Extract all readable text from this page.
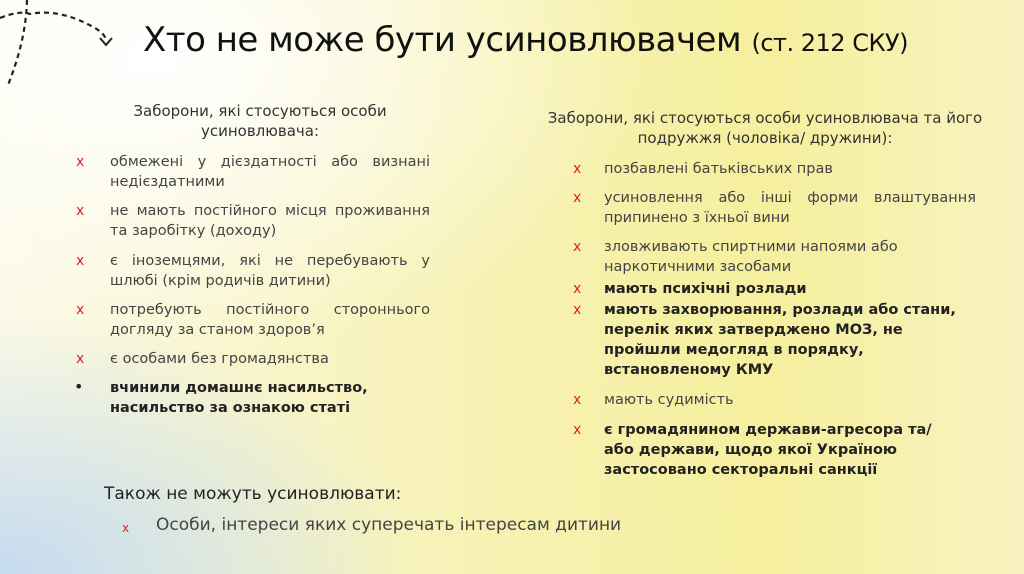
Хто не може бути усиновлювачем (ст. 212 СКУ)
Заборони, які стосуються особи усиновлювача:
x обмежені у дієздатності або визнані недієздатними
x не мають постійного місця проживання та заробітку (доходу)
x є іноземцями, які не перебувають у шлюбі (крім родичів дитини)
x потребують постійного стороннього догляду за станом здоров’я
x є особами без громадянства
• вчинили домашнє насильство, насильство за ознакою статі
Заборони, які стосуються особи усиновлювача та його подружжя (чоловіка/ дружини):
x позбавлені батьківських прав
x усиновлення або інші форми влаштування припинено з їхньої вини
x зловживають спиртними напоями або наркотичними засобами
x мають психічні розлади
x мають захворювання, розлади або стани, перелік яких затверджено МОЗ, не пройшли медогляд в порядку, встановленому КМУ
x мають судимість
x є громадянином держави-агресора та/або держави, щодо якої Україною застосовано секторальні санкції
Також не можуть усиновлювати:
x Особи, інтереси яких суперечать інтересам дитини
